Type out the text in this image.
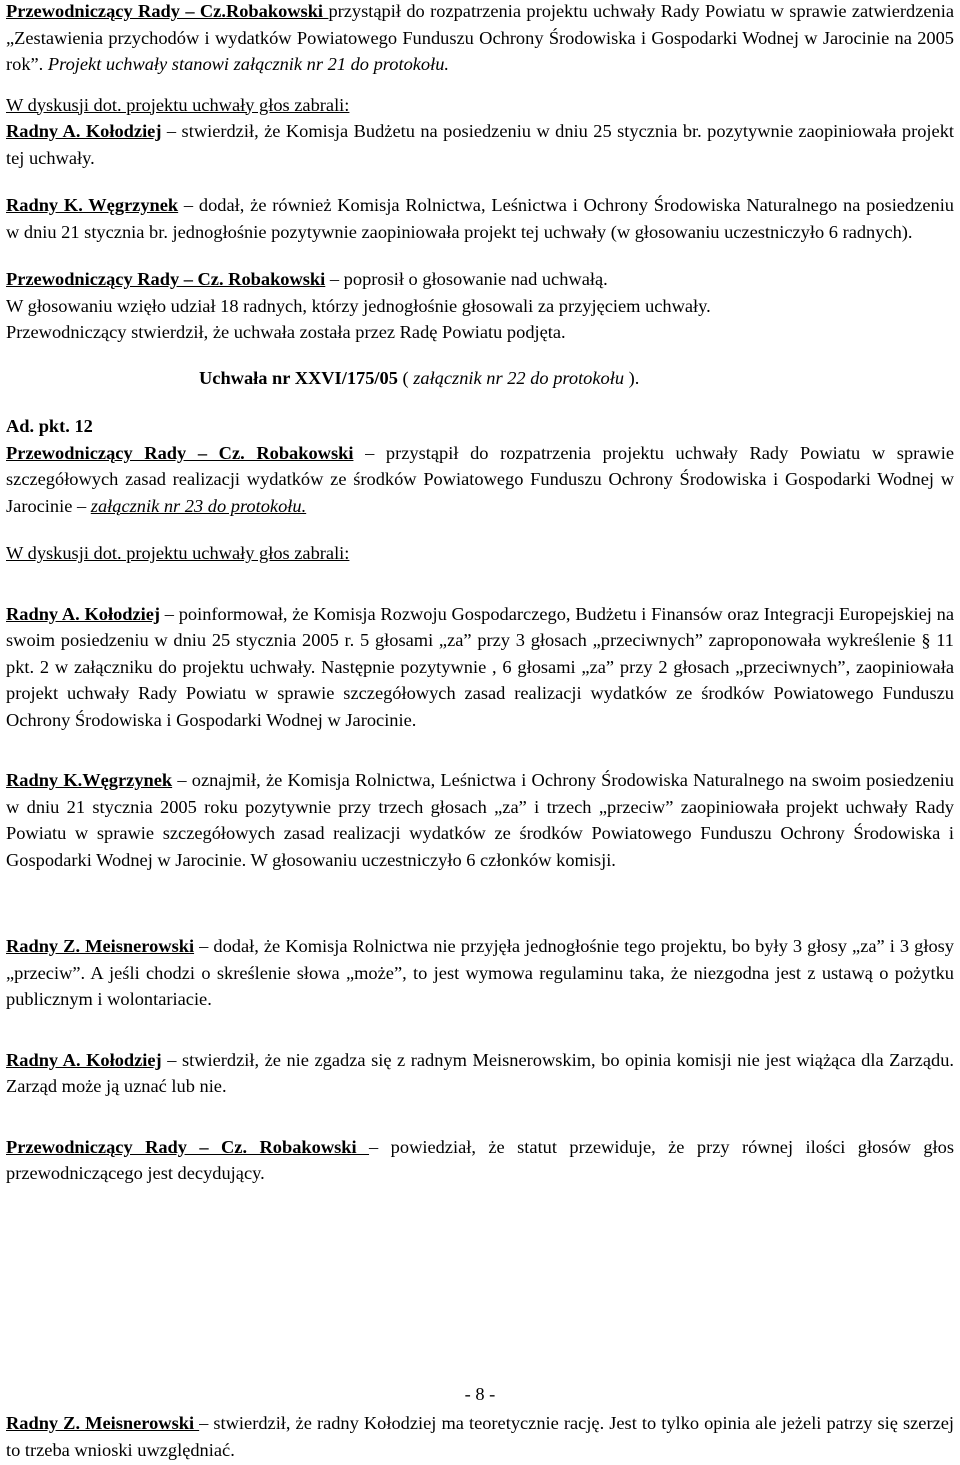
Przewodniczący Rady – Cz.Robakowski przystąpił do rozpatrzenia projektu uchwały Rady Powiatu w sprawie zatwierdzenia „Zestawienia przychodów i wydatków Powiatowego Funduszu Ochrony Środowiska i Gospodarki Wodnej w Jarocinie na 2005 rok”. Projekt uchwały stanowi załącznik nr 21 do protokołu.

W dyskusji dot. projektu uchwały głos zabrali:

Radny A. Kołodziej – stwierdził, że Komisja Budżetu na posiedzeniu w dniu 25 stycznia br. pozytywnie zaopiniowała projekt tej uchwały.

Radny K. Węgrzynek – dodał, że również Komisja Rolnictwa, Leśnictwa i Ochrony Środowiska Naturalnego na posiedzeniu w dniu 21 stycznia br. jednogłośnie pozytywnie zaopiniowała projekt tej uchwały (w głosowaniu uczestniczyło 6 radnych).

Przewodniczący Rady – Cz. Robakowski – poprosił o głosowanie nad uchwałą.
W głosowaniu wzięło udział 18 radnych, którzy jednogłośnie głosowali za przyjęciem uchwały.
Przewodniczący stwierdził, że uchwała została przez Radę Powiatu podjęta.

Uchwała nr XXVI/175/05 ( załącznik nr 22 do protokołu ).

Ad. pkt. 12

Przewodniczący Rady – Cz. Robakowski – przystąpił do rozpatrzenia projektu uchwały Rady Powiatu w sprawie szczegółowych zasad realizacji wydatków ze środków Powiatowego Funduszu Ochrony Środowiska i Gospodarki Wodnej w Jarocinie – załącznik nr 23 do protokołu.

W dyskusji dot. projektu uchwały głos zabrali:

Radny A. Kołodziej – poinformował, że Komisja Rozwoju Gospodarczego, Budżetu i Finansów oraz Integracji Europejskiej na swoim posiedzeniu w dniu 25 stycznia 2005 r. 5 głosami „za” przy 3 głosach „przeciwnych” zaproponowała wykreślenie § 11 pkt. 2 w załączniku do projektu uchwały. Następnie pozytywnie , 6 głosami „za” przy 2 głosach „przeciwnych”, zaopiniowała projekt uchwały Rady Powiatu w sprawie szczegółowych zasad realizacji wydatków ze środków Powiatowego Funduszu Ochrony Środowiska i Gospodarki Wodnej w Jarocinie.

Radny K.Węgrzynek – oznajmił, że Komisja Rolnictwa, Leśnictwa i Ochrony Środowiska Naturalnego na swoim posiedzeniu w dniu 21 stycznia 2005 roku pozytywnie przy trzech głosach „za” i trzech „przeciw” zaopiniowała projekt uchwały Rady Powiatu w sprawie szczegółowych zasad realizacji wydatków ze środków Powiatowego Funduszu Ochrony Środowiska i Gospodarki Wodnej w Jarocinie. W głosowaniu uczestniczyło 6 członków komisji.

Radny Z. Meisnerowski – dodał, że Komisja Rolnictwa nie przyjęła jednogłośnie tego projektu, bo były 3 głosy „za” i 3 głosy „przeciw”. A jeśli chodzi o skreślenie słowa „może”, to jest wymowa regulaminu taka, że niezgodna jest z ustawą o pożytku publicznym i wolontariacie.

Radny A. Kołodziej – stwierdził, że nie zgadza się z radnym Meisnerowskim, bo opinia komisji nie jest wiążąca dla Zarządu. Zarząd może ją uznać lub nie.

Przewodniczący Rady – Cz. Robakowski – powiedział, że statut przewiduje, że przy równej ilości głosów głos przewodniczącego jest decydujący.

- 8 -

Radny Z. Meisnerowski – stwierdził, że radny Kołodziej ma teoretycznie rację. Jest to tylko opinia ale jeżeli patrzy się szerzej to trzeba wnioski uwzględniać.
